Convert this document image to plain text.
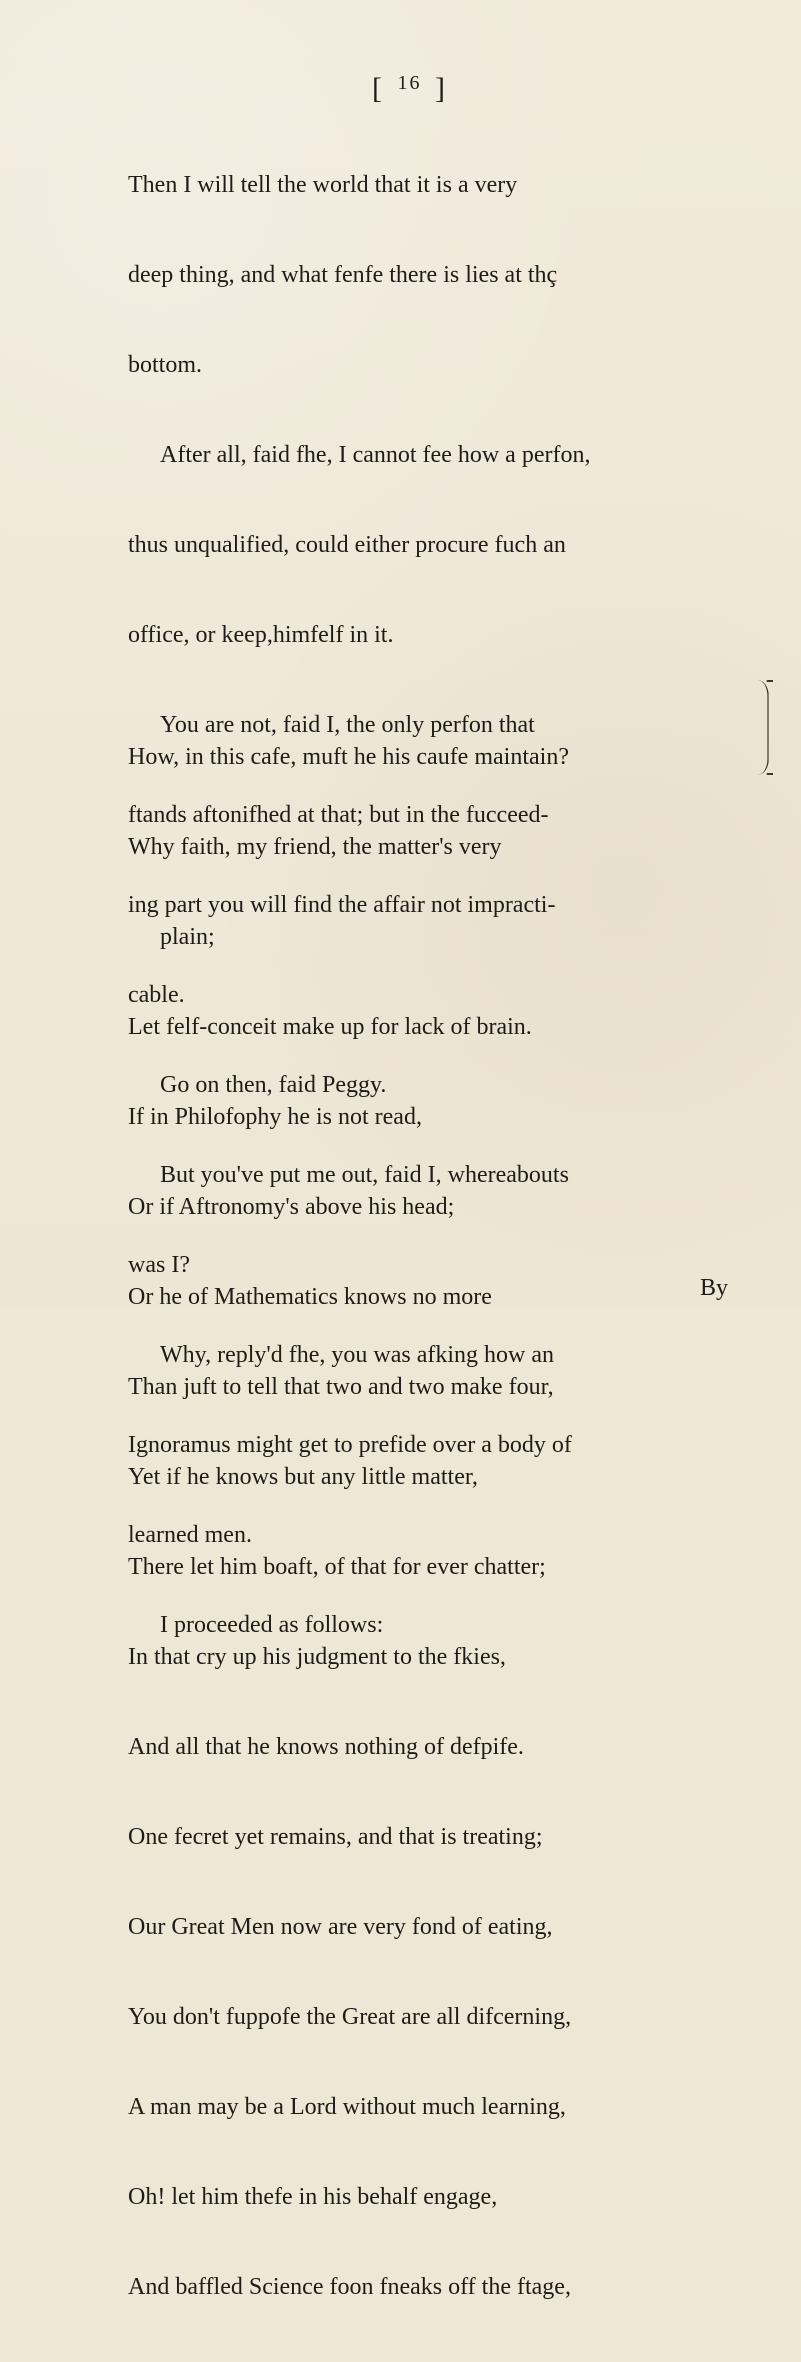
[ $^{16}$ ]

Then I will tell the world that it is a very

deep thing, and what fenfe there is lies at thç

bottom.

After all, faid fhe, I cannot fee how a perfon,

thus unqualified, could either procure fuch an

office, or keep,himfelf in it.

You are not, faid I, the only perfon that

ftands aftonifhed at that; but in the fucceed-

ing part you will find the affair not impracti-

cable.

Go on then, faid Peggy.

But you've put me out, faid I, whereabouts

was I?

Why, reply'd fhe, you was afking how an

Ignoramus might get to prefide over a body of

learned men.

I proceeded as follows:

How, in this cafe, muft he his caufe maintain?

Why faith, my friend, the matter's very

plain;

Let felf-conceit make up for lack of brain.

If in Philofophy he is not read,

Or if Aftronomy's above his head;

Or he of Mathematics knows no more

Than juft to tell that two and two make four,

Yet if he knows but any little matter,

There let him boaft, of that for ever chatter;

In that cry up his judgment to the fkies,

And all that he knows nothing of defpife.

One fecret yet remains, and that is treating;

Our Great Men now are very fond of eating,

You don't fuppofe the Great are all difcerning,

A man may be a Lord without much learning,

Oh! let him thefe in his behalf engage,

And baffled Science foon fneaks off the ftage,

By
